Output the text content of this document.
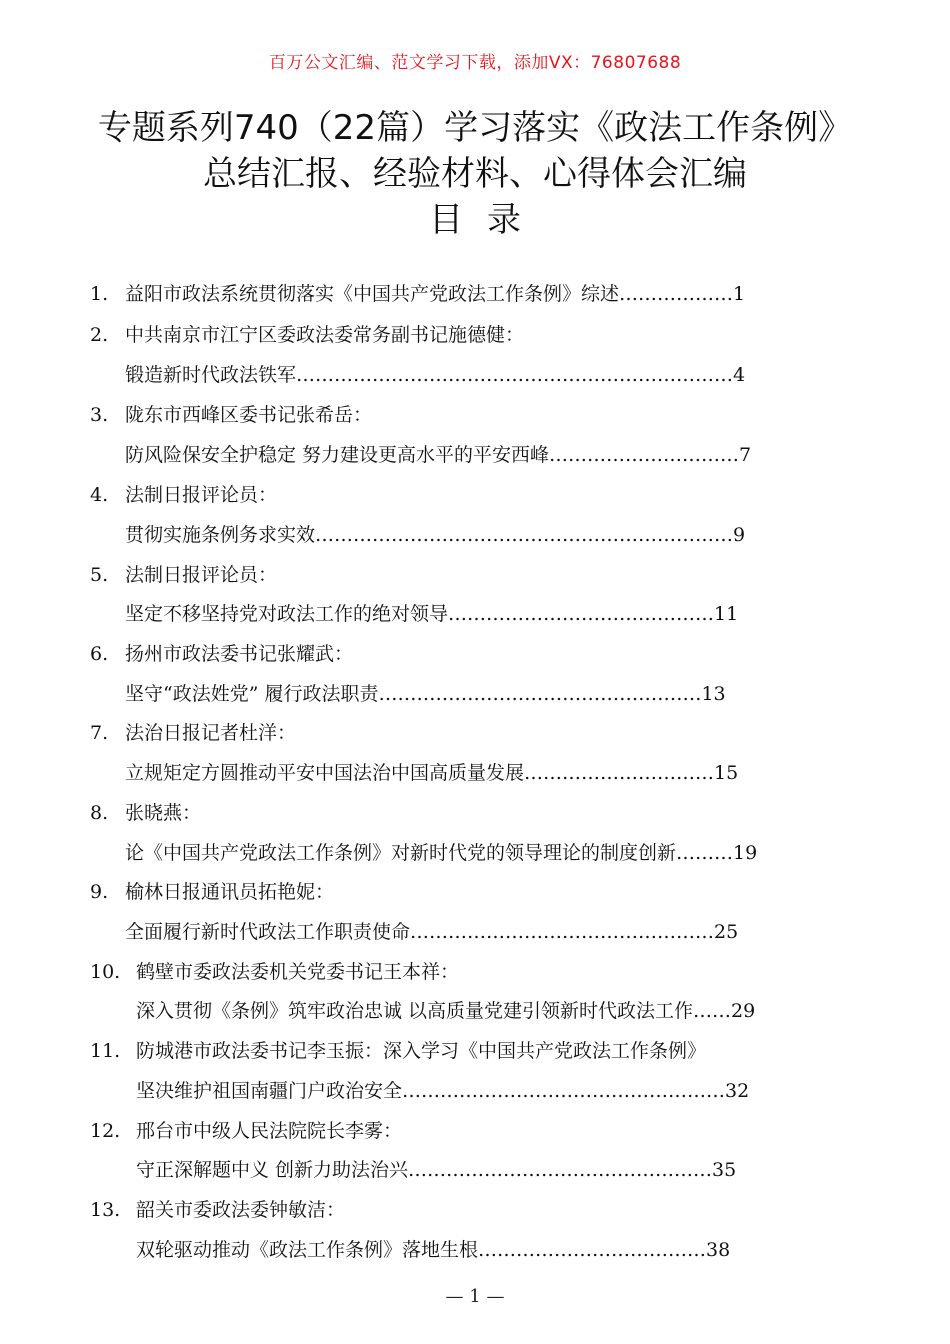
百万公文汇编、范文学习下载，添加VX：76807688
专题系列740（22篇）学习落实《政法工作条例》
总结汇报、经验材料、心得体会汇编
目录
1. 益阳市政法系统贯彻落实《中国共产党政法工作条例》综述………………1
2. 中共南京市江宁区委政法委常务副书记施德健：
锻造新时代政法铁军……………………………………………………………4
3. 陇东市西峰区委书记张希岳：
防风险保安全护稳定 努力建设更高水平的平安西峰…………………………7
4. 法制日报评论员：
贯彻实施条例务求实效…………………………………………………………9
5. 法制日报评论员：
坚定不移坚持党对政法工作的绝对领导……………………………………11
6. 扬州市政法委书记张耀武：
坚守“政法姓党” 履行政法职责……………………………………………13
7. 法治日报记者杜洋：
立规矩定方圆推动平安中国法治中国高质量发展…………………………15
8. 张晓燕：
论《中国共产党政法工作条例》对新时代党的领导理论的制度创新………19
9. 榆林日报通讯员拓艳妮：
全面履行新时代政法工作职责使命…………………………………………25
10. 鹤壁市委政法委机关党委书记王本祥：
深入贯彻《条例》筑牢政治忠诚 以高质量党建引领新时代政法工作……29
11. 防城港市政法委书记李玉振：深入学习《中国共产党政法工作条例》
坚决维护祖国南疆门户政治安全……………………………………………32
12. 邢台市中级人民法院院长李雾：
守正深解题中义 创新力助法治兴…………………………………………35
13. 韶关市委政法委钟敏洁：
双轮驱动推动《政法工作条例》落地生根………………………………38
— 1 —
